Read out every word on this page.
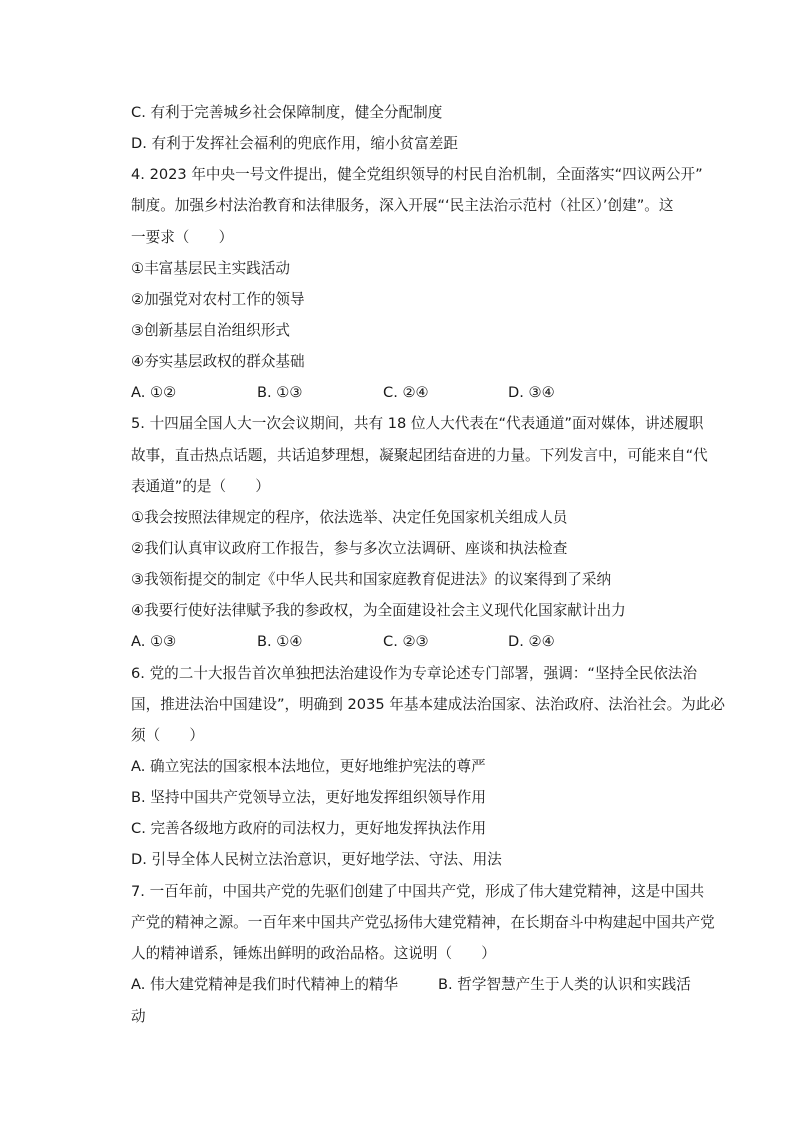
C. 有利于完善城乡社会保障制度，健全分配制度
D. 有利于发挥社会福利的兜底作用，缩小贫富差距
4. 2023 年中央一号文件提出，健全党组织领导的村民自治机制，全面落实“四议两公开”
制度。加强乡村法治教育和法律服务，深入开展“‘民主法治示范村（社区）’创建”。这
一要求（　　）
①丰富基层民主实践活动
②加强党对农村工作的领导
③创新基层自治组织形式
④夯实基层政权的群众基础
A. ①②	B. ①③	C. ②④	D. ③④
5. 十四届全国人大一次会议期间，共有 18 位人大代表在“代表通道”面对媒体，讲述履职
故事，直击热点话题，共话追梦理想，凝聚起团结奋进的力量。下列发言中，可能来自“代
表通道”的是（　　）
①我会按照法律规定的程序，依法选举、决定任免国家机关组成人员
②我们认真审议政府工作报告，参与多次立法调研、座谈和执法检查
③我领衔提交的制定《中华人民共和国家庭教育促进法》的议案得到了采纳
④我要行使好法律赋予我的参政权，为全面建设社会主义现代化国家献计出力
A. ①③	B. ①④	C. ②③	D. ②④
6. 党的二十大报告首次单独把法治建设作为专章论述专门部署，强调：“坚持全民依法治
国，推进法治中国建设”，明确到 2035 年基本建成法治国家、法治政府、法治社会。为此必
须（　　）
A. 确立宪法的国家根本法地位，更好地维护宪法的尊严
B. 坚持中国共产党领导立法，更好地发挥组织领导作用
C. 完善各级地方政府的司法权力，更好地发挥执法作用
D. 引导全体人民树立法治意识，更好地学法、守法、用法
7. 一百年前，中国共产党的先驱们创建了中国共产党，形成了伟大建党精神，这是中国共
产党的精神之源。一百年来中国共产党弘扬伟大建党精神，在长期奋斗中构建起中国共产党
人的精神谱系，锤炼出鲜明的政治品格。这说明（　　）
A. 伟大建党精神是我们时代精神上的精华	B. 哲学智慧产生于人类的认识和实践活
动
